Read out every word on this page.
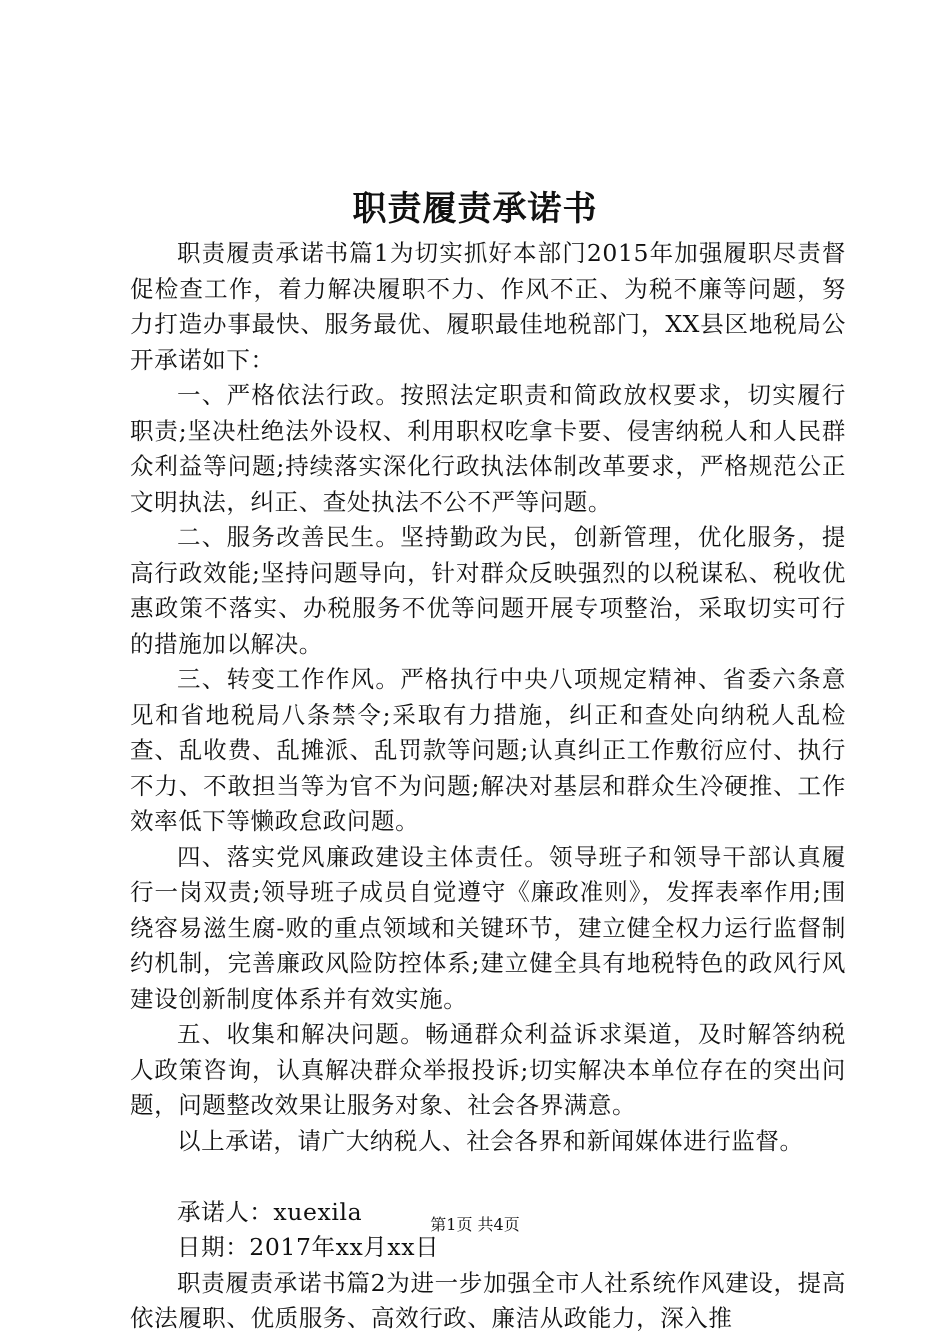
职责履责承诺书

职责履责承诺书篇1为切实抓好本部门2015年加强履职尽责督促检查工作，着力解决履职不力、作风不正、为税不廉等问题，努力打造办事最快、服务最优、履职最佳地税部门，XX县区地税局公开承诺如下：

一、严格依法行政。按照法定职责和简政放权要求，切实履行职责;坚决杜绝法外设权、利用职权吃拿卡要、侵害纳税人和人民群众利益等问题;持续落实深化行政执法体制改革要求，严格规范公正文明执法，纠正、查处执法不公不严等问题。

二、服务改善民生。坚持勤政为民，创新管理，优化服务，提高行政效能;坚持问题导向，针对群众反映强烈的以税谋私、税收优惠政策不落实、办税服务不优等问题开展专项整治，采取切实可行的措施加以解决。

三、转变工作作风。严格执行中央八项规定精神、省委六条意见和省地税局八条禁令;采取有力措施，纠正和查处向纳税人乱检查、乱收费、乱摊派、乱罚款等问题;认真纠正工作敷衍应付、执行不力、不敢担当等为官不为问题;解决对基层和群众生冷硬推、工作效率低下等懒政怠政问题。

四、落实党风廉政建设主体责任。领导班子和领导干部认真履行一岗双责;领导班子成员自觉遵守《廉政准则》，发挥表率作用;围绕容易滋生腐-败的重点领域和关键环节，建立健全权力运行监督制约机制，完善廉政风险防控体系;建立健全具有地税特色的政风行风建设创新制度体系并有效实施。

五、收集和解决问题。畅通群众利益诉求渠道，及时解答纳税人政策咨询，认真解决群众举报投诉;切实解决本单位存在的突出问题，问题整改效果让服务对象、社会各界满意。

以上承诺，请广大纳税人、社会各界和新闻媒体进行监督。

承诺人：xuexila

日期：2017年xx月xx日

职责履责承诺书篇2为进一步加强全市人社系统作风建设，提高依法履职、优质服务、高效行政、廉洁从政能力，深入推

第1页 共4页
